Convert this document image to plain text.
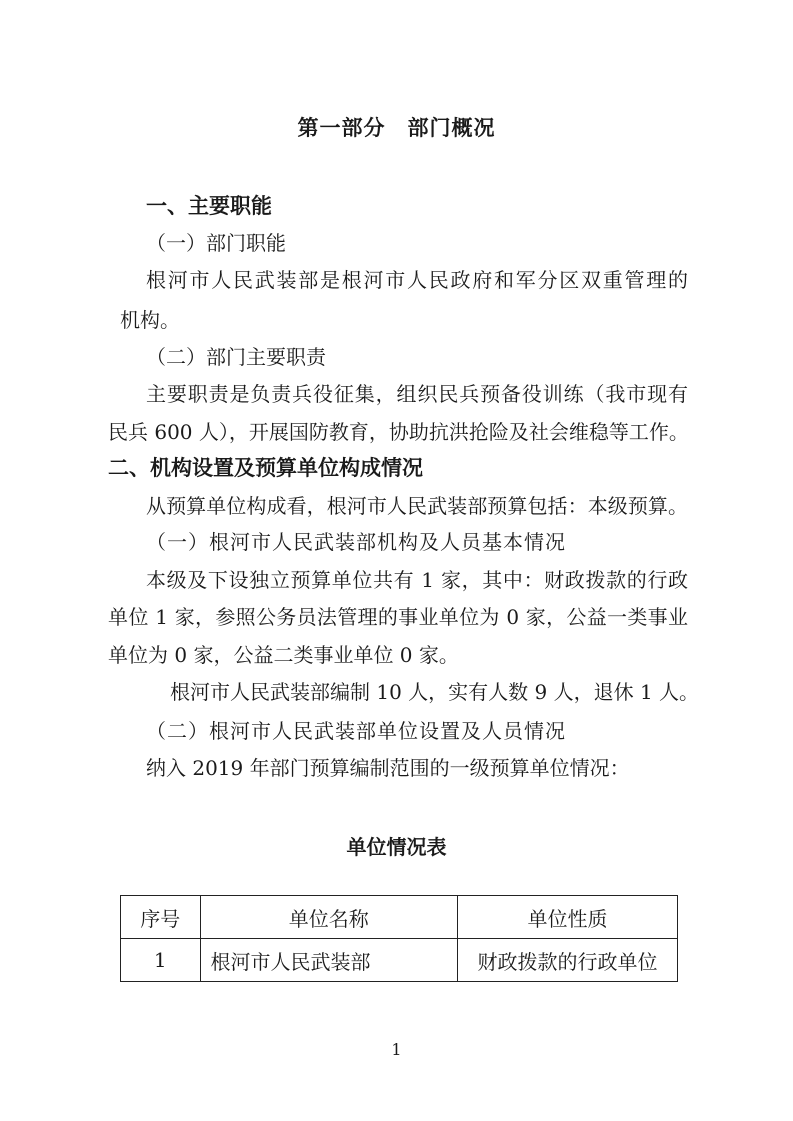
第一部分　部门概况
一、主要职能
（一）部门职能
根河市人民武装部是根河市人民政府和军分区双重管理的
机构。
（二）部门主要职责
主要职责是负责兵役征集，组织民兵预备役训练（我市现有
民兵 600 人），开展国防教育，协助抗洪抢险及社会维稳等工作。
二、机构设置及预算单位构成情况
从预算单位构成看，根河市人民武装部预算包括：本级预算。
（一）根河市人民武装部机构及人员基本情况
本级及下设独立预算单位共有 1 家，其中：财政拨款的行政
单位 1 家，参照公务员法管理的事业单位为 0 家，公益一类事业
单位为 0 家，公益二类事业单位 0 家。
根河市人民武装部编制 10 人，实有人数 9 人，退休 1 人。
（二）根河市人民武装部单位设置及人员情况
纳入 2019 年部门预算编制范围的一级预算单位情况：
单位情况表
序号	单位名称	单位性质
1	根河市人民武装部	财政拨款的行政单位
1
